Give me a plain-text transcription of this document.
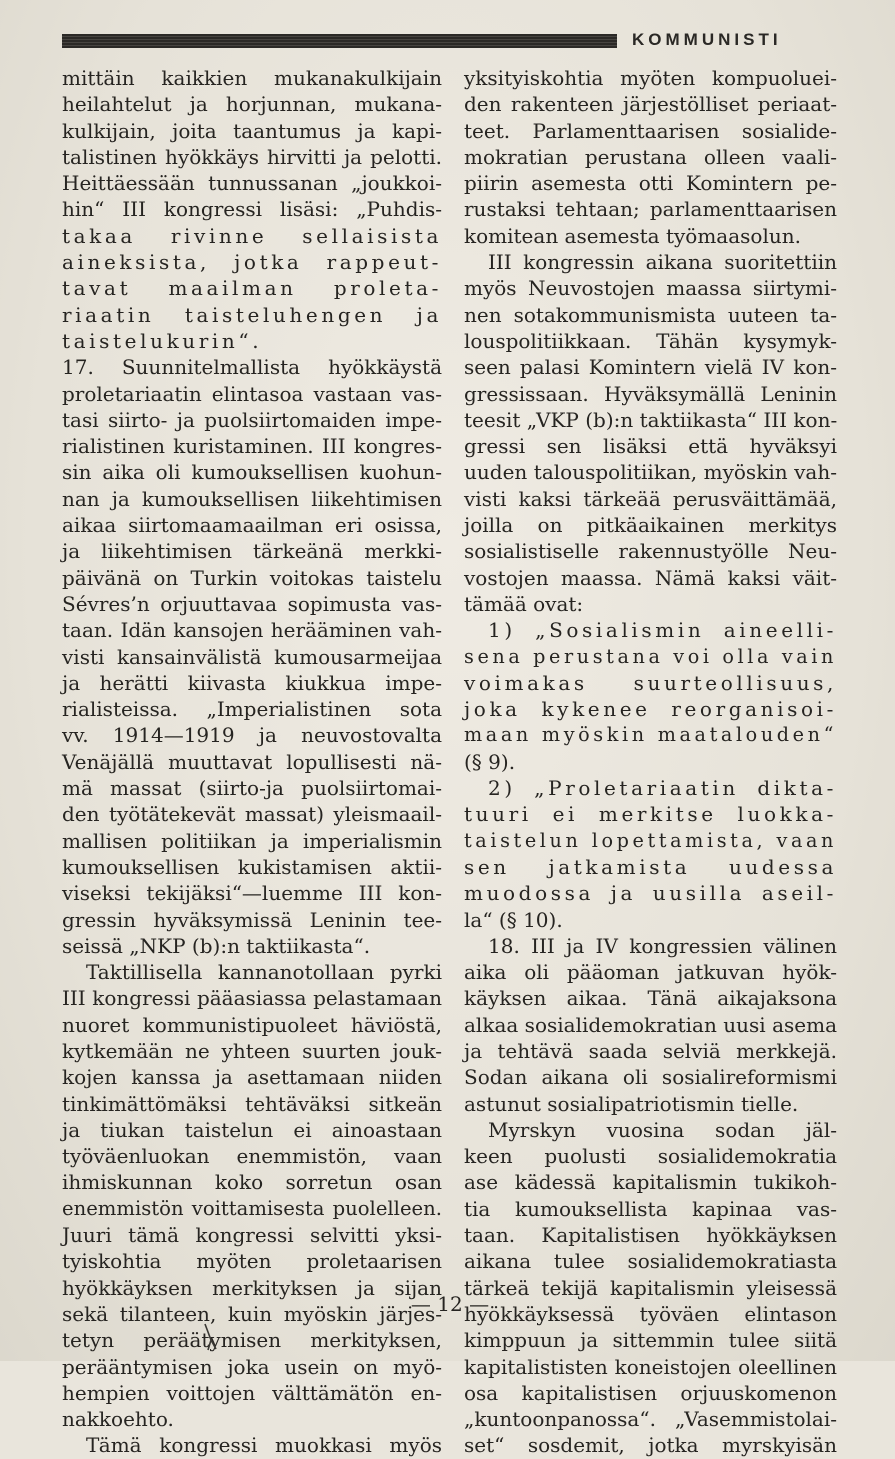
KOMMUNISTI
mittäin kaikkien mukanakulkijain
heilahtelut ja horjunnan, mukana-
kulkijain, joita taantumus ja kapi-
talistinen hyökkäys hirvitti ja pelotti.
Heittäessään tunnussanan „joukkoi-
hin“ III kongressi lisäsi: „Puhdis-
takaa rivinne sellaisista
aineksista, jotka rappeut-
tavat maailman proleta-
riaatin taisteluhengen ja
taistelukurin“.
17. Suunnitelmallista hyökkäystä
proletariaatin elintasoa vastaan vas-
tasi siirto- ja puolsiirtomaiden impe-
rialistinen kuristaminen. III kongres-
sin aika oli kumouksellisen kuohun-
nan ja kumouksellisen liikehtimisen
aikaa siirtomaamaailman eri osissa,
ja liikehtimisen tärkeänä merkki-
päivänä on Turkin voitokas taistelu
Sévres’n orjuuttavaa sopimusta vas-
taan. Idän kansojen herääminen vah-
visti kansainvälistä kumousarmeijaa
ja herätti kiivasta kiukkua impe-
rialisteissa. „Imperialistinen sota
vv. 1914—1919 ja neuvostovalta
Venäjällä muuttavat lopullisesti nä-
mä massat (siirto-ja puolsiirtomai-
den työtätekevät massat) yleismaail-
mallisen politiikan ja imperialismin
kumouksellisen kukistamisen aktii-
viseksi tekijäksi“—luemme III kon-
gressin hyväksymissä Leninin tee-
seissä „NKP (b):n taktiikasta“.
Taktillisella kannanotollaan pyrki
III kongressi pääasiassa pelastamaan
nuoret kommunistipuoleet häviöstä,
kytkemään ne yhteen suurten jouk-
kojen kanssa ja asettamaan niiden
tinkimättömäksi tehtäväksi sitkeän
ja tiukan taistelun ei ainoastaan
työväenluokan enemmistön, vaan
ihmiskunnan koko sorretun osan
enemmistön voittamisesta puolelleen.
Juuri tämä kongressi selvitti yksi-
tyiskohtia myöten proletaarisen
hyökkäyksen merkityksen ja sijan
sekä tilanteen, kuin myöskin järjes-
tetyn peräätymisen merkityksen,
perääntymisen joka usein on myö-
hempien voittojen välttämätön en-
nakkoehto.
Tämä kongressi muokkasi myös
yksityiskohtia myöten kompuoluei-
den rakenteen järjestölliset periaat-
teet. Parlamenttaarisen sosialide-
mokratian perustana olleen vaali-
piirin asemesta otti Komintern pe-
rustaksi tehtaan; parlamenttaarisen
komitean asemesta työmaasolun.
III kongressin aikana suoritettiin
myös Neuvostojen maassa siirtymi-
nen sotakommunismista uuteen ta-
louspolitiikkaan. Tähän kysymyk-
seen palasi Komintern vielä IV kon-
gressissaan. Hyväksymällä Leninin
teesit „VKP (b):n taktiikasta“ III kon-
gressi sen lisäksi että hyväksyi
uuden talouspolitiikan, myöskin vah-
visti kaksi tärkeää perusväittämää,
joilla on pitkäaikainen merkitys
sosialistiselle rakennustyölle Neu-
vostojen maassa. Nämä kaksi väit-
tämää ovat:
1) „Sosialismin aineelli-
sena perustana voi olla vain
voimakas suurteollisuus,
joka kykenee reorganisoi-
maan myöskin maatalouden“
(§ 9).
2) „Proletariaatin dikta-
tuuri ei merkitse luokka-
taistelun lopettamista, vaan
sen jatkamista uudessa
muodossa ja uusilla aseil-
la“ (§ 10).
18. III ja IV kongressien välinen
aika oli pääoman jatkuvan hyök-
käyksen aikaa. Tänä aikajaksona
alkaa sosialidemokratian uusi asema
ja tehtävä saada selviä merkkejä.
Sodan aikana oli sosialireformismi
astunut sosialipatriotismin tielle.
Myrskyn vuosina sodan jäl-
keen puolusti sosialidemokratia
ase kädessä kapitalismin tukikoh-
tia kumouksellista kapinaa vas-
taan. Kapitalistisen hyökkäyksen
aikana tulee sosialidemokratiasta
tärkeä tekijä kapitalismin yleisessä
hyökkäyksessä työväen elintason
kimppuun ja sittemmin tulee siitä
kapitalististen koneistojen oleellinen
osa kapitalistisen orjuuskomenon
„kuntoonpanossa“. „Vasemmistolai-
set“ sosdemit, jotka myrskyisän
— 12 —
